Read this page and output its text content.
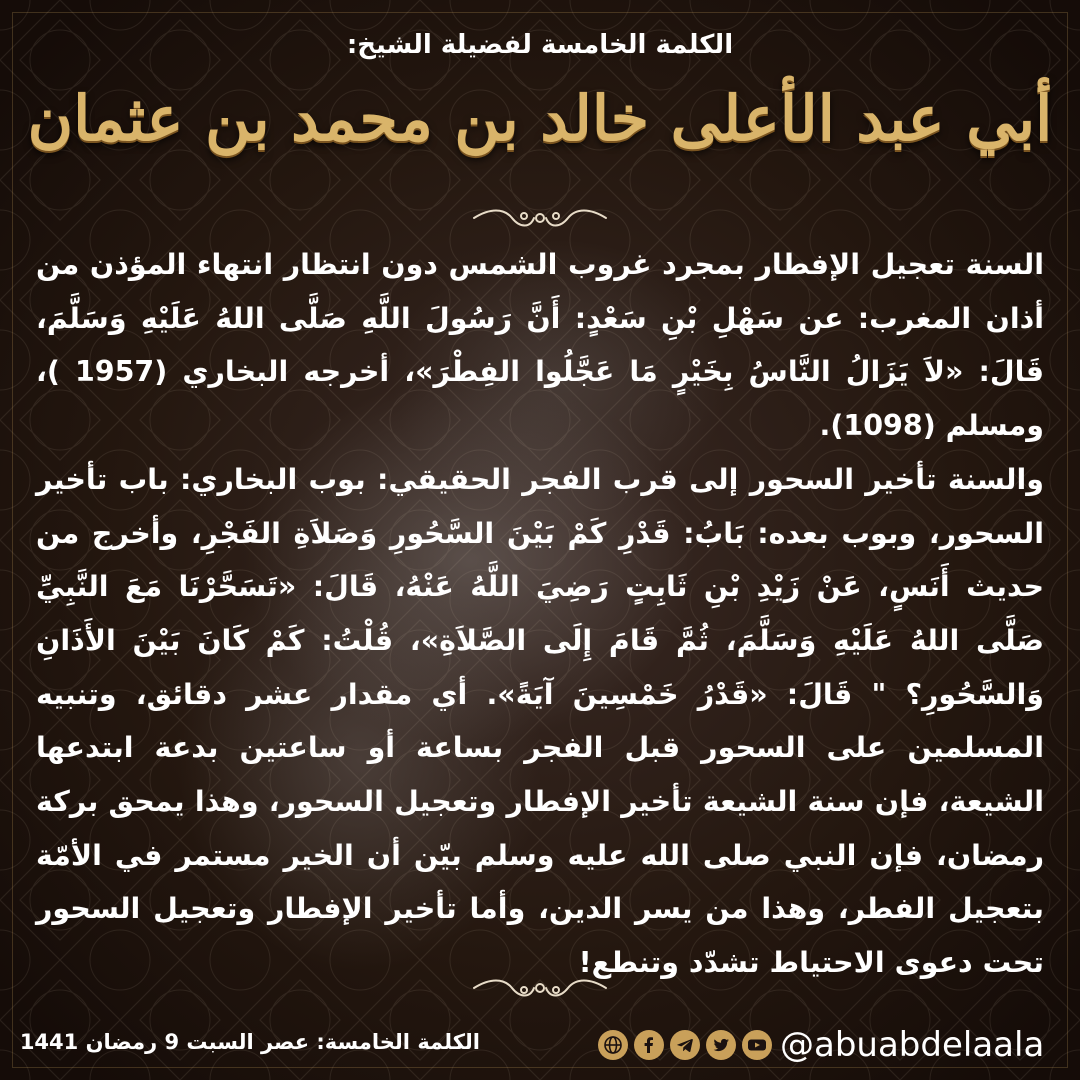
الكلمة الخامسة لفضيلة الشيخ:
أبي عبد الأعلى خالد بن محمد بن عثمان

السنة تعجيل الإفطار بمجرد غروب الشمس دون انتظار انتهاء المؤذن من أذان المغرب: عن سَهْلِ بْنِ سَعْدٍ: أَنَّ رَسُولَ اللَّهِ صَلَّى اللهُ عَلَيْهِ وَسَلَّمَ، قَالَ: «لاَ يَزَالُ النَّاسُ بِخَيْرٍ مَا عَجَّلُوا الفِطْرَ»، أخرجه البخاري (1957 )، ومسلم (1098).

والسنة تأخير السحور إلى قرب الفجر الحقيقي: بوب البخاري: باب تأخير السحور، وبوب بعده: بَابُ: قَدْرِ كَمْ بَيْنَ السَّحُورِ وَصَلاَةِ الفَجْرِ، وأخرج من حديث أَنَسٍ، عَنْ زَيْدِ بْنِ ثَابِتٍ رَضِيَ اللَّهُ عَنْهُ، قَالَ: «تَسَحَّرْنَا مَعَ النَّبِيِّ صَلَّى اللهُ عَلَيْهِ وَسَلَّمَ، ثُمَّ قَامَ إِلَى الصَّلاَةِ»، قُلْتُ: كَمْ كَانَ بَيْنَ الأَذَانِ وَالسَّحُورِ؟ " قَالَ: «قَدْرُ خَمْسِينَ آيَةً». أي مقدار عشر دقائق، وتنبيه المسلمين على السحور قبل الفجر بساعة أو ساعتين بدعة ابتدعها الشيعة، فإن سنة الشيعة تأخير الإفطار وتعجيل السحور، وهذا يمحق بركة رمضان، فإن النبي صلى الله عليه وسلم بيّن أن الخير مستمر في الأمّة بتعجيل الفطر، وهذا من يسر الدين، وأما تأخير الإفطار وتعجيل السحور تحت دعوى الاحتياط تشدّد وتنطع!

الكلمة الخامسة: عصر السبت 9 رمضان 1441	@abuabdelaala
